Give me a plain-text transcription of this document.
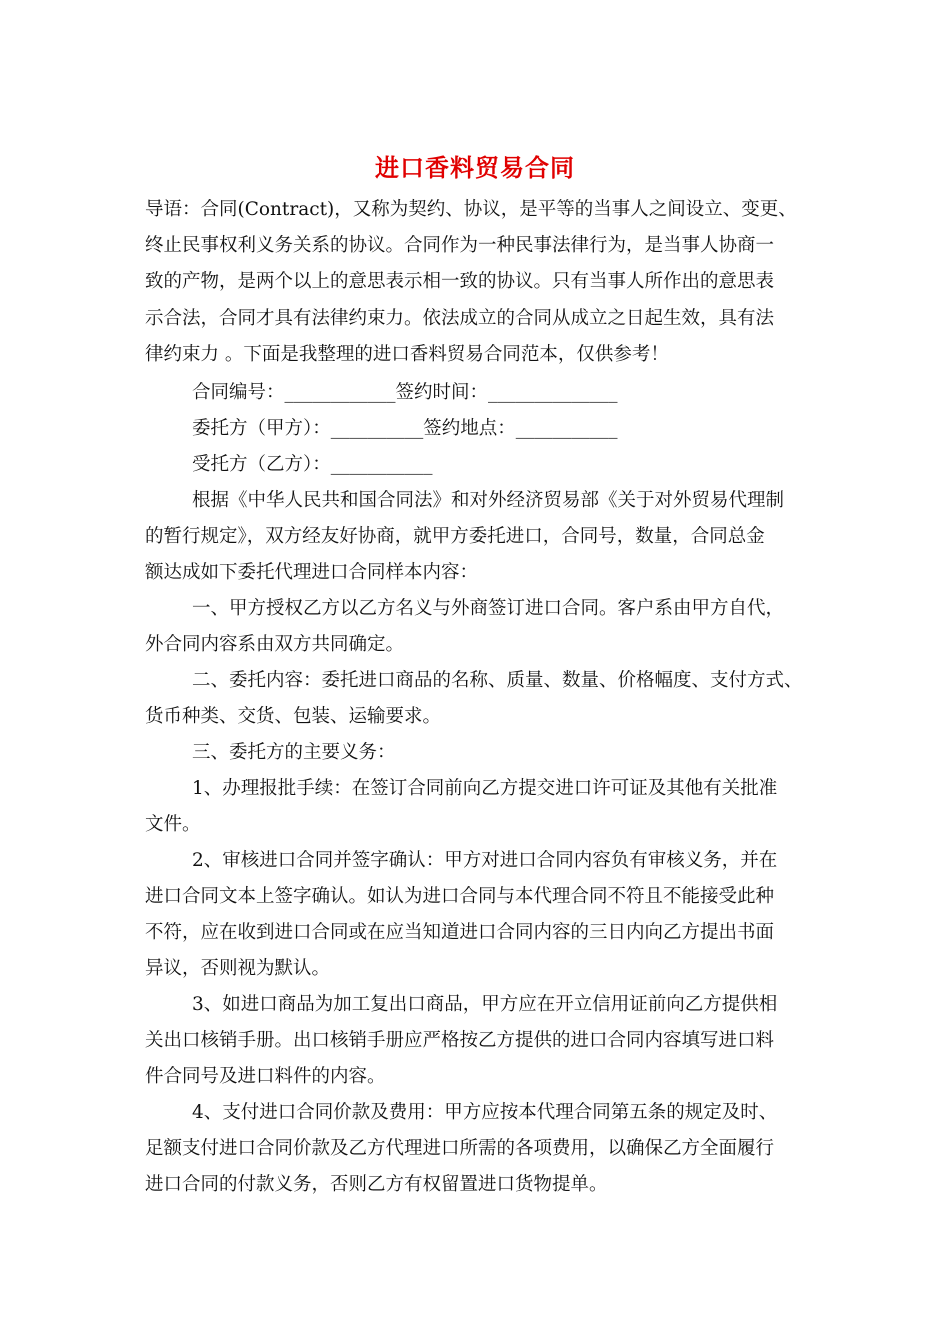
进口香料贸易合同
导语：合同(Contract)，又称为契约、协议，是平等的当事人之间设立、变更、
终止民事权利义务关系的协议。合同作为一种民事法律行为，是当事人协商一
致的产物，是两个以上的意思表示相一致的协议。只有当事人所作出的意思表
示合法，合同才具有法律约束力。依法成立的合同从成立之日起生效，具有法
律约束力 。下面是我整理的进口香料贸易合同范本，仅供参考！
合同编号：____________签约时间：______________
委托方（甲方）：__________签约地点：___________
受托方（乙方）：___________
根据《中华人民共和国合同法》和对外经济贸易部《关于对外贸易代理制
的暂行规定》，双方经友好协商，就甲方委托进口，合同号，数量，合同总金
额达成如下委托代理进口合同样本内容：
一、甲方授权乙方以乙方名义与外商签订进口合同。客户系由甲方自代，
外合同内容系由双方共同确定。
二、委托内容：委托进口商品的名称、质量、数量、价格幅度、支付方式、
货币种类、交货、包装、运输要求。
三、委托方的主要义务：
1、办理报批手续：在签订合同前向乙方提交进口许可证及其他有关批准
文件。
2、审核进口合同并签字确认：甲方对进口合同内容负有审核义务，并在
进口合同文本上签字确认。如认为进口合同与本代理合同不符且不能接受此种
不符，应在收到进口合同或在应当知道进口合同内容的三日内向乙方提出书面
异议，否则视为默认。
3、如进口商品为加工复出口商品，甲方应在开立信用证前向乙方提供相
关出口核销手册。出口核销手册应严格按乙方提供的进口合同内容填写进口料
件合同号及进口料件的内容。
4、支付进口合同价款及费用：甲方应按本代理合同第五条的规定及时、
足额支付进口合同价款及乙方代理进口所需的各项费用，以确保乙方全面履行
进口合同的付款义务，否则乙方有权留置进口货物提单。
